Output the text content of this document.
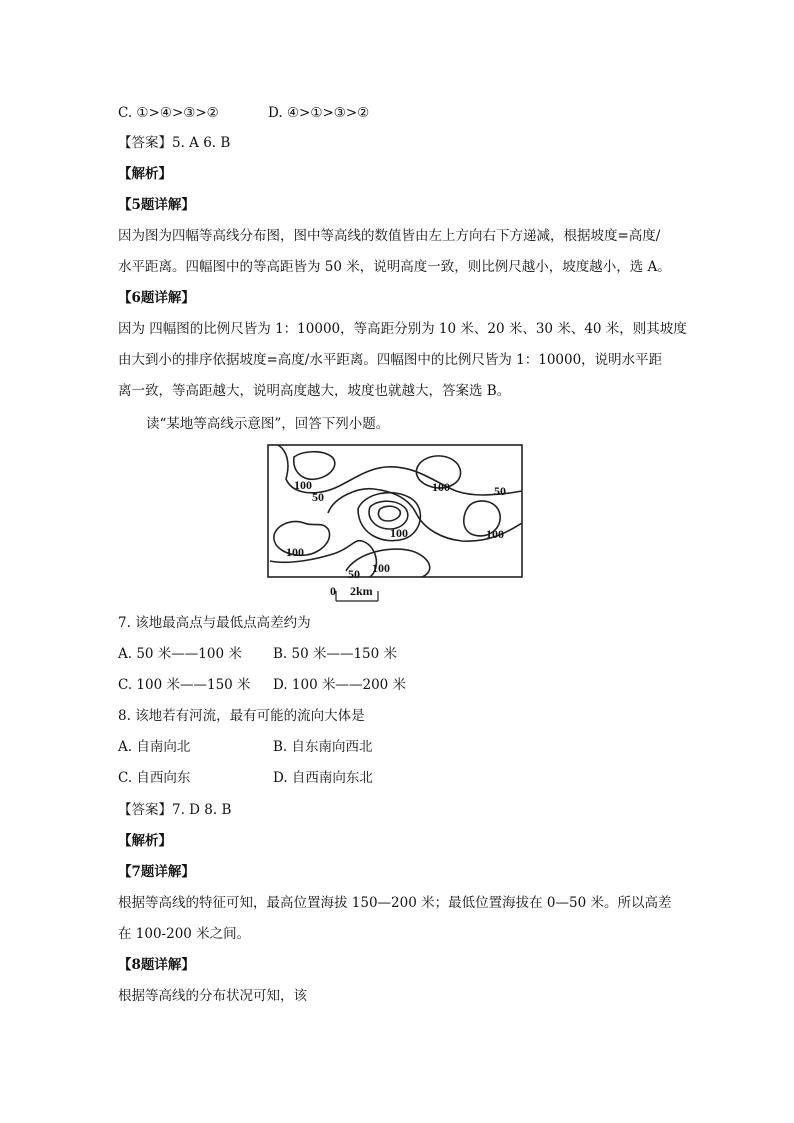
C. ①>④>③>②	D. ④>①>③>②
【答案】5. A 6. B
【解析】
【5题详解】
因为图为四幅等高线分布图，图中等高线的数值皆由左上方向右下方递减，根据坡度=高度/
水平距离。四幅图中的等高距皆为 50 米，说明高度一致，则比例尺越小，坡度越小，选 A。
【6题详解】
因为 四幅图的比例尺皆为 1：10000，等高距分别为 10 米、20 米、30 米、40 米，则其坡度
由大到小的排序依据坡度=高度/水平距离。四幅图中的比例尺皆为 1：10000，说明水平距
离一致，等高距越大，说明高度越大，坡度也就越大，答案选 B。
读“某地等高线示意图”，回答下列小题。
100
50
100	50
100	100
100
50 100
0 2km
7. 该地最高点与最低点高差约为
A. 50 米——100 米 B. 50 米——150 米
C. 100 米——150 米 D. 100 米——200 米
8. 该地若有河流，最有可能的流向大体是
A. 自南向北	B. 自东南向西北
C. 自西向东	D. 自西南向东北
【答案】7. D 8. B
【解析】
【7题详解】
根据等高线的特征可知，最高位置海拔 150—200 米；最低位置海拔在 0—50 米。所以高差
在 100-200 米之间。
【8题详解】
根据等高线的分布状况可知，该
